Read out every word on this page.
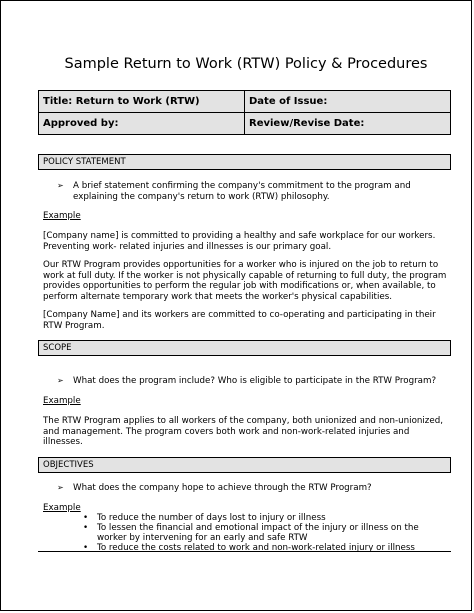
Sample Return to Work (RTW) Policy & Procedures
Title: Return to Work (RTW)	Date of Issue:
Approved by:	Review/Revise Date:
POLICY STATEMENT
➢ A brief statement confirming the company's commitment to the program and explaining the company's return to work (RTW) philosophy.
Example
[Company name] is committed to providing a healthy and safe workplace for our workers. Preventing work- related injuries and illnesses is our primary goal.
Our RTW Program provides opportunities for a worker who is injured on the job to return to work at full duty. If the worker is not physically capable of returning to full duty, the program provides opportunities to perform the regular job with modifications or, when available, to perform alternate temporary work that meets the worker's physical capabilities.
[Company Name] and its workers are committed to co-operating and participating in their RTW Program.
SCOPE
➢ What does the program include? Who is eligible to participate in the RTW Program?
Example
The RTW Program applies to all workers of the company, both unionized and non-unionized, and management. The program covers both work and non-work-related injuries and illnesses.
OBJECTIVES
➢ What does the company hope to achieve through the RTW Program?
Example
• To reduce the number of days lost to injury or illness
• To lessen the financial and emotional impact of the injury or illness on the worker by intervening for an early and safe RTW
• To reduce the costs related to work and non-work-related injury or illness
